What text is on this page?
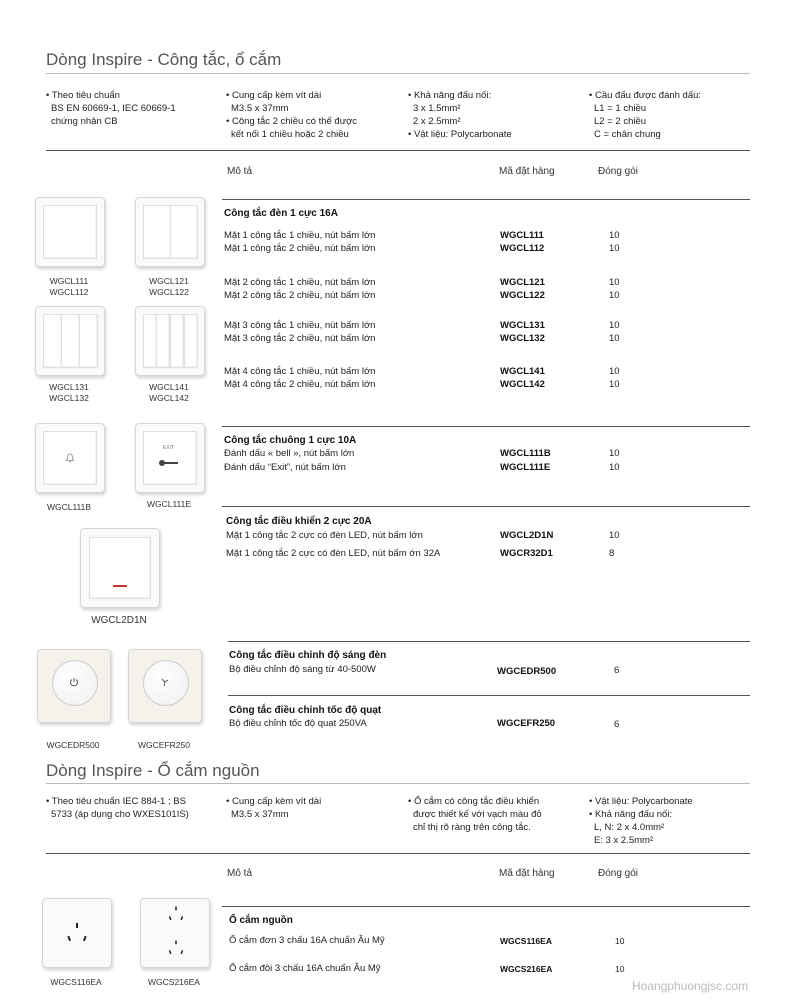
Dòng Inspire - Công tắc, ổ cắm
• Theo tiêu chuẩn
BS EN 60669-1, IEC 60669-1
chứng nhận CB
• Cung cấp kèm vít dài
M3.5 x 37mm
• Công tắc 2 chiều có thể được
kết nối 1 chiều hoặc 2 chiều
• Khả năng đấu nối:
3 x 1.5mm²
2 x 2.5mm²
• Vật liệu: Polycarbonate
• Cầu đấu được đánh dấu:
L1 = 1 chiều
L2 = 2 chiều
C = chân chung
Mô tả	Mã đặt hàng	Đóng gói
Công tắc đèn 1 cực 16A
Mặt 1 công tắc 1 chiều, nút bấm lớn	WGCL111	10
Mặt 1 công tắc 2 chiều, nút bấm lớn	WGCL112	10
Mặt 2 công tắc 1 chiều, nút bấm lớn	WGCL121	10
Mặt 2 công tắc 2 chiều, nút bấm lớn	WGCL122	10
Mặt 3 công tắc 1 chiều, nút bấm lớn	WGCL131	10
Mặt 3 công tắc 2 chiều, nút bấm lớn	WGCL132	10
Mặt 4 công tắc 1 chiều, nút bấm lớn	WGCL141	10
Mặt 4 công tắc 2 chiều, nút bấm lớn	WGCL142	10
Công tắc chuông 1 cực 10A
Đánh dấu « bell », nút bấm lớn	WGCL111B	10
Đánh dấu “Exit”, nút bấm lớn	WGCL111E	10
Công tắc điều khiển 2 cực 20A
Mặt 1 công tắc 2 cực có đèn LED, nút bấm lớn	WGCL2D1N	10
Mặt 1 công tắc 2 cực có đèn LED, nút bấm ớn 32A	WGCR32D1	8
Công tắc điều chỉnh độ sáng đèn
Bộ điều chỉnh độ sáng từ 40-500W	WGCEDR500	6
Công tắc điều chỉnh tốc độ quạt
Bộ điều chỉnh tốc độ quạt 250VA	WGCEFR250	6
WGCL111
WGCL112
WGCL121
WGCL122
WGCL131
WGCL132
WGCL141
WGCL142
WGCL111B
EXIT
WGCL111E
WGCL2D1N
WGCEDR500	WGCEFR250
Dòng Inspire - Ổ cắm nguồn
• Theo tiêu chuẩn IEC 884-1 ; BS
5733 (áp dụng cho WXES101IS)
• Cung cấp kèm vít dài
M3.5 x 37mm
• Ổ cắm có công tắc điều khiển
được thiết kế với vạch màu đỏ
chỉ thị rõ ràng trên công tắc.
• Vật liệu: Polycarbonate
• Khả năng đấu nối:
L, N: 2 x 4.0mm²
E: 3 x 2.5mm²
Mô tả	Mã đặt hàng	Đóng gói
Ổ cắm nguồn
Ổ cắm đơn 3 chấu 16A chuẩn Âu Mỹ	WGCS116EA	10
Ổ cắm đôi 3 chấu 16A chuẩn Âu Mỹ	WGCS216EA	10
WGCS116EA	WGCS216EA	Hoangphuongjsc.com
